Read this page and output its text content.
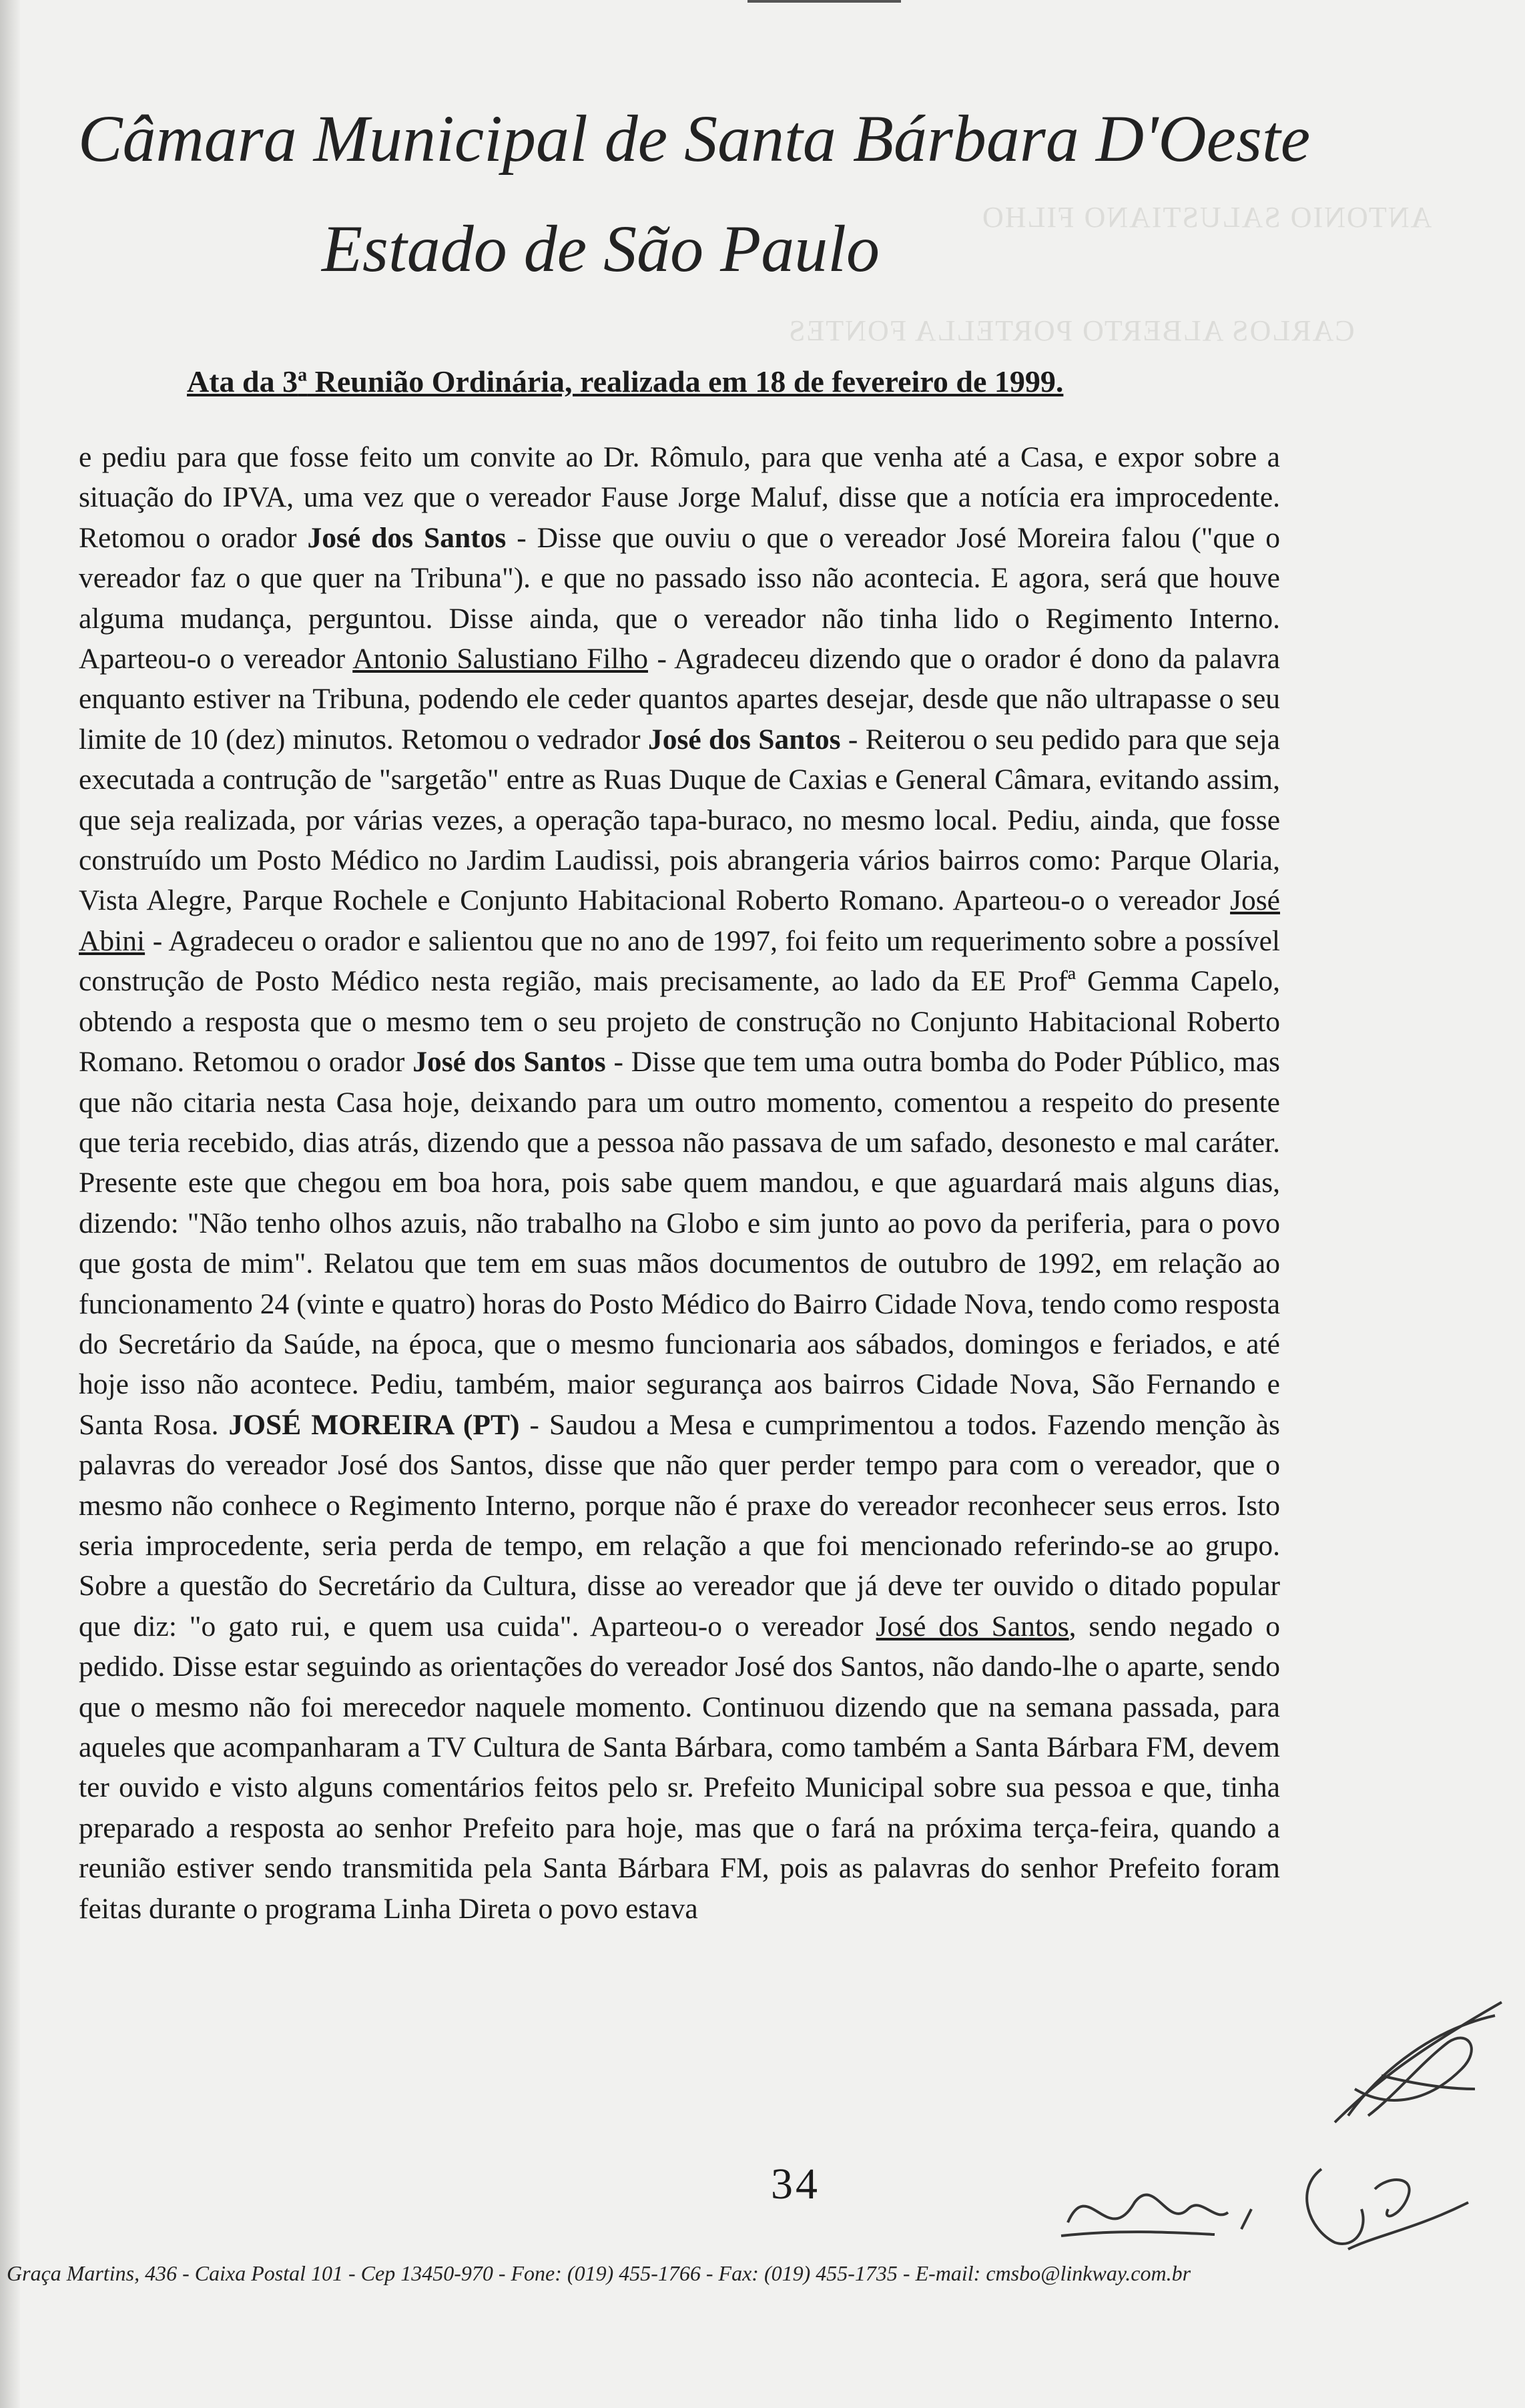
ANTONIO SALUSTIANO FILHO
CARLOS ALBERTO PORTELLA FONTES
Câmara Municipal de Santa Bárbara D'Oeste
Estado de São Paulo
Ata da 3$^a$ Reunião Ordinária, realizada em 18 de fevereiro de 1999.

e pediu para que fosse feito um convite ao Dr. Rômulo, para que venha até a Casa, e expor sobre a situação do IPVA, uma vez que o vereador Fause Jorge Maluf, disse que a notícia era improcedente. Retomou o orador José dos Santos - Disse que ouviu o que o vereador José Moreira falou ("que o vereador faz o que quer na Tribuna"). e que no passado isso não acontecia. E agora, será que houve alguma mudança, perguntou. Disse ainda, que o vereador não tinha lido o Regimento Interno. Aparteou-o o vereador Antonio Salustiano Filho - Agradeceu dizendo que o orador é dono da palavra enquanto estiver na Tribuna, podendo ele ceder quantos apartes desejar, desde que não ultrapasse o seu limite de 10 (dez) minutos. Retomou o vedrador José dos Santos - Reiterou o seu pedido para que seja executada a contrução de "sargetão" entre as Ruas Duque de Caxias e General Câmara, evitando assim, que seja realizada, por várias vezes, a operação tapa-buraco, no mesmo local. Pediu, ainda, que fosse construído um Posto Médico no Jardim Laudissi, pois abrangeria vários bairros como: Parque Olaria, Vista Alegre, Parque Rochele e Conjunto Habitacional Roberto Romano. Aparteou-o o vereador José Abini - Agradeceu o orador e salientou que no ano de 1997, foi feito um requerimento sobre a possível construção de Posto Médico nesta região, mais precisamente, ao lado da EE Profª Gemma Capelo, obtendo a resposta que o mesmo tem o seu projeto de construção no Conjunto Habitacional Roberto Romano. Retomou o orador José dos Santos - Disse que tem uma outra bomba do Poder Público, mas que não citaria nesta Casa hoje, deixando para um outro momento, comentou a respeito do presente que teria recebido, dias atrás, dizendo que a pessoa não passava de um safado, desonesto e mal caráter. Presente este que chegou em boa hora, pois sabe quem mandou, e que aguardará mais alguns dias, dizendo: "Não tenho olhos azuis, não trabalho na Globo e sim junto ao povo da periferia, para o povo que gosta de mim". Relatou que tem em suas mãos documentos de outubro de 1992, em relação ao funcionamento 24 (vinte e quatro) horas do Posto Médico do Bairro Cidade Nova, tendo como resposta do Secretário da Saúde, na época, que o mesmo funcionaria aos sábados, domingos e feriados, e até hoje isso não acontece. Pediu, também, maior segurança aos bairros Cidade Nova, São Fernando e Santa Rosa. JOSÉ MOREIRA (PT) - Saudou a Mesa e cumprimentou a todos. Fazendo menção às palavras do vereador José dos Santos, disse que não quer perder tempo para com o vereador, que o mesmo não conhece o Regimento Interno, porque não é praxe do vereador reconhecer seus erros. Isto seria improcedente, seria perda de tempo, em relação a que foi mencionado referindo-se ao grupo. Sobre a questão do Secretário da Cultura, disse ao vereador que já deve ter ouvido o ditado popular que diz: "o gato rui, e quem usa cuida". Aparteou-o o vereador José dos Santos, sendo negado o pedido. Disse estar seguindo as orientações do vereador José dos Santos, não dando-lhe o aparte, sendo que o mesmo não foi merecedor naquele momento. Continuou dizendo que na semana passada, para aqueles que acompanharam a TV Cultura de Santa Bárbara, como também a Santa Bárbara FM, devem ter ouvido e visto alguns comentários feitos pelo sr. Prefeito Municipal sobre sua pessoa e que, tinha preparado a resposta ao senhor Prefeito para hoje, mas que o fará na próxima terça-feira, quando a reunião estiver sendo transmitida pela Santa Bárbara FM, pois as palavras do senhor Prefeito foram feitas durante o programa Linha Direta o povo estava

34
Graça Martins, 436 - Caixa Postal 101 - Cep 13450-970 - Fone: (019) 455-1766 - Fax: (019) 455-1735 - E-mail: cmsbo@linkway.com.br
